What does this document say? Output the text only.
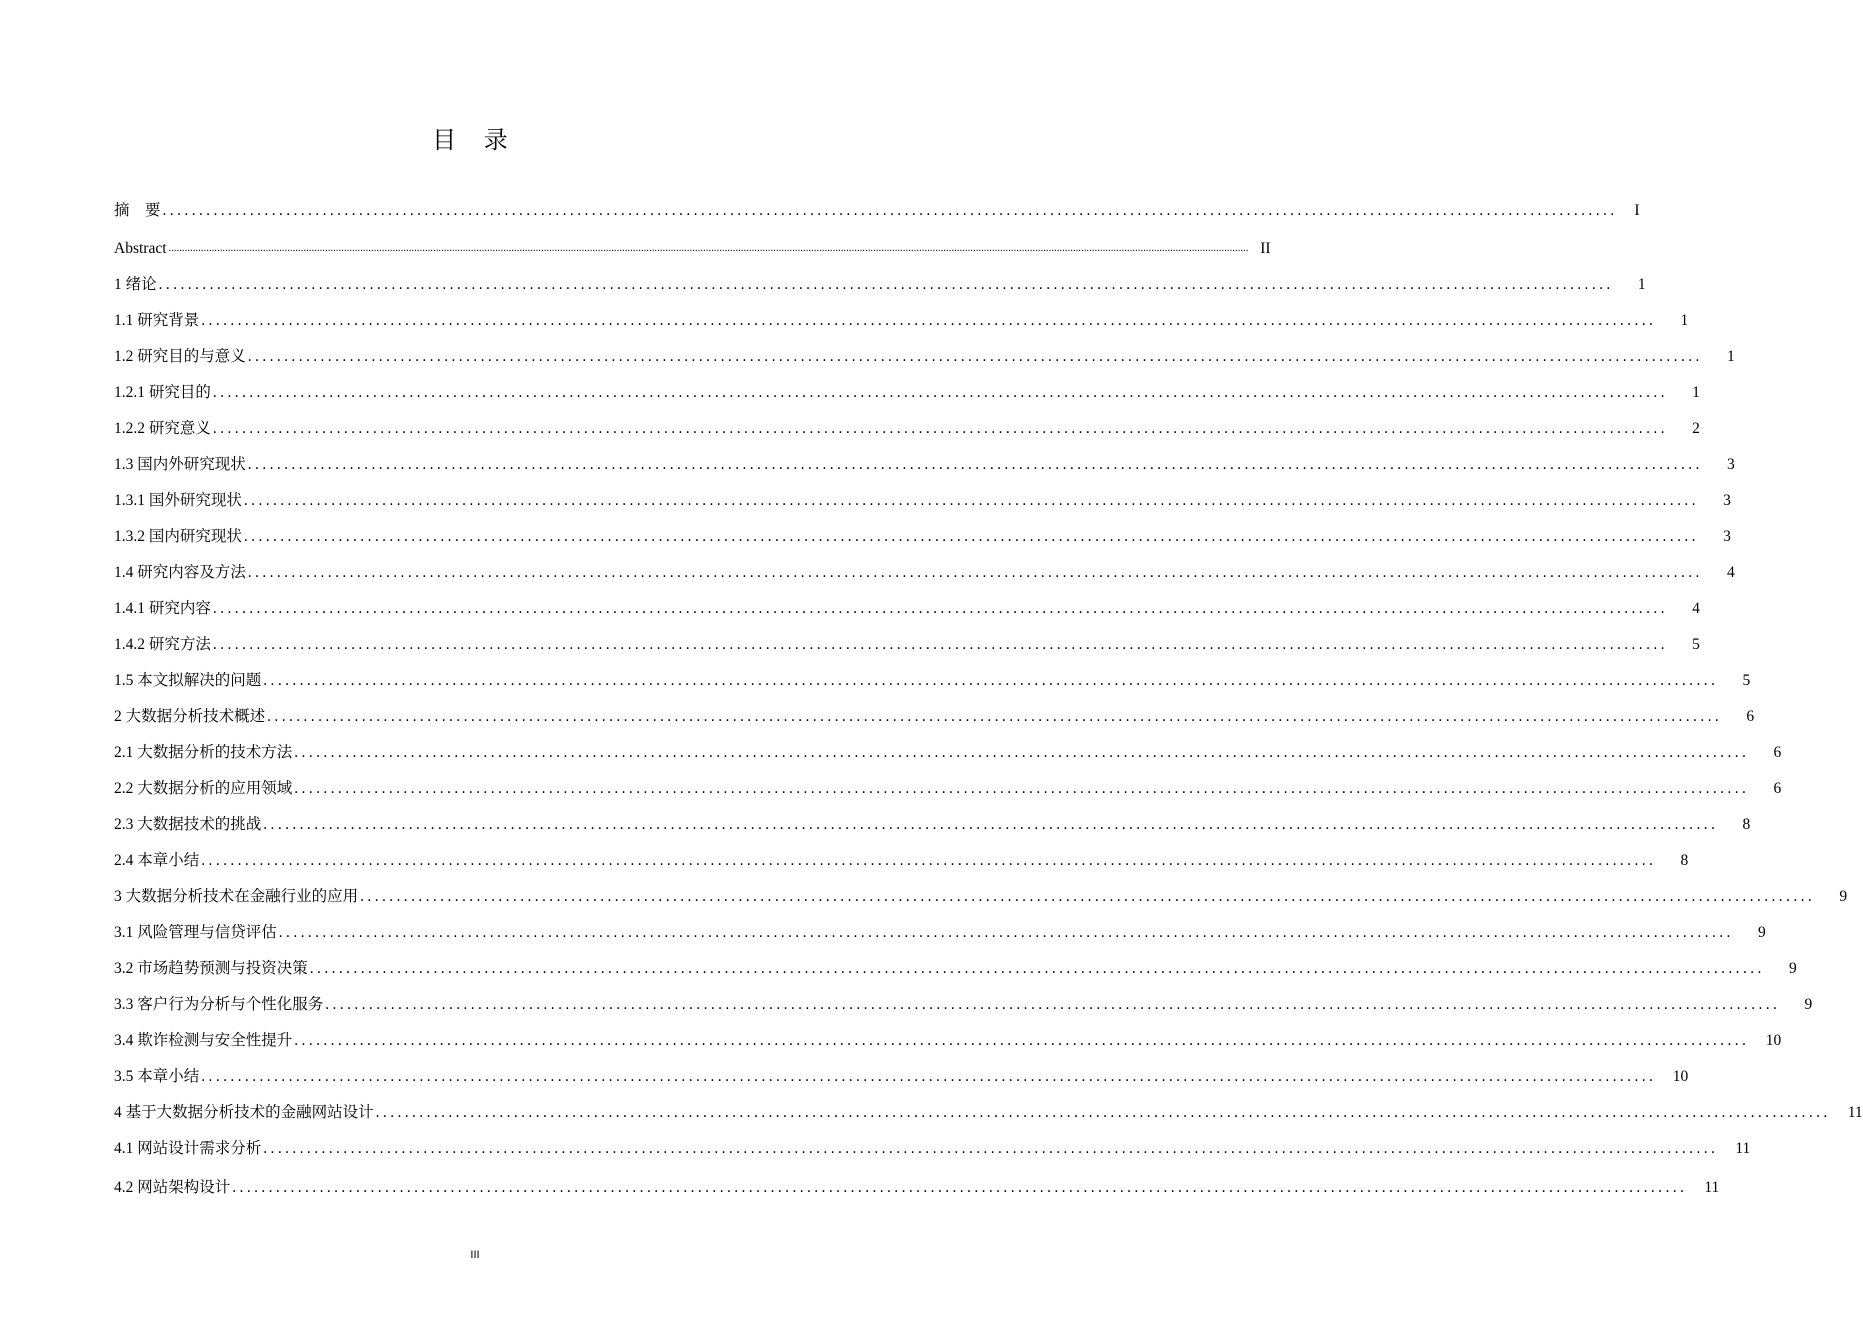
目 录
摘　要 ........................................................................................................................................................................................................	I
Abstract ................................................................................................................................................................................................................................................................................................................................................................................................................ II
1 绪论 ........................................................................................................................................................................................................	1
1.1 研究背景 ........................................................................................................................................................................................................	1
1.2 研究目的与意义 ........................................................................................................................................................................................................	1
1.2.1 研究目的 ........................................................................................................................................................................................................	1
1.2.2 研究意义 ........................................................................................................................................................................................................	2
1.3 国内外研究现状 ........................................................................................................................................................................................................	3
1.3.1 国外研究现状 ........................................................................................................................................................................................................	3
1.3.2 国内研究现状 ........................................................................................................................................................................................................	3
1.4 研究内容及方法 ........................................................................................................................................................................................................	4
1.4.1 研究内容 ........................................................................................................................................................................................................	4
1.4.2 研究方法 ........................................................................................................................................................................................................	5
1.5 本文拟解决的问题 ........................................................................................................................................................................................................	5
2 大数据分析技术概述 ........................................................................................................................................................................................................	6
2.1 大数据分析的技术方法 ........................................................................................................................................................................................................	6
2.2 大数据分析的应用领域 ........................................................................................................................................................................................................	6
2.3 大数据技术的挑战 ........................................................................................................................................................................................................	8
2.4 本章小结 ........................................................................................................................................................................................................	8
3 大数据分析技术在金融行业的应用 ........................................................................................................................................................................................................	9
3.1 风险管理与信贷评估 ........................................................................................................................................................................................................	9
3.2 市场趋势预测与投资决策 ........................................................................................................................................................................................................	9
3.3 客户行为分析与个性化服务 ........................................................................................................................................................................................................	9
3.4 欺诈检测与安全性提升 ........................................................................................................................................................................................................	10
3.5 本章小结 ........................................................................................................................................................................................................	10
4 基于大数据分析技术的金融网站设计 ........................................................................................................................................................................................................	11
4.1 网站设计需求分析 ........................................................................................................................................................................................................	11
4.2 网站架构设计 ........................................................................................................................................................................................................	11
III
